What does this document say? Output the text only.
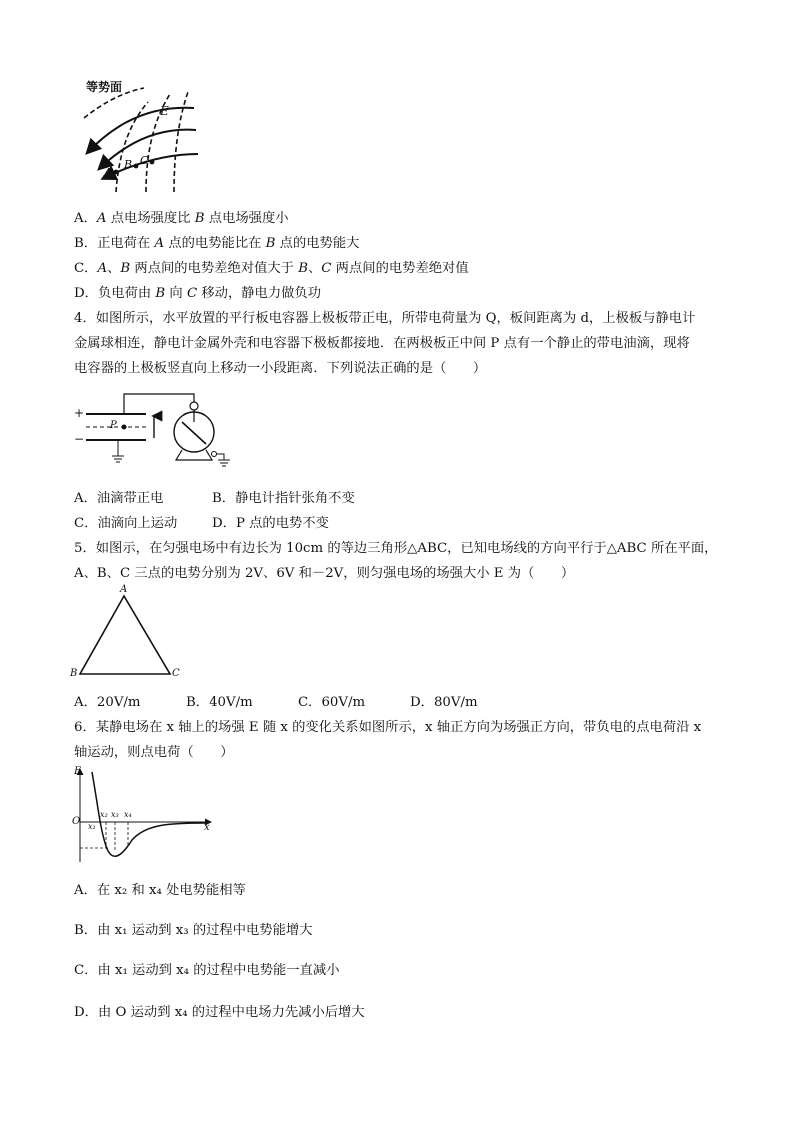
等势面
E
A
B C
A．A 点电场强度比 B 点电场强度小
B．正电荷在 A 点的电势能比在 B 点的电势能大
C．A、B 两点间的电势差绝对值大于 B、C 两点间的电势差绝对值
D．负电荷由 B 向 C 移动，静电力做负功
4．如图所示，水平放置的平行板电容器上极板带正电，所带电荷量为 Q，板间距离为 d，上极板与静电计
金属球相连，静电计金属外壳和电容器下极板都接地．在两极板正中间 P 点有一个静止的带电油滴，现将
电容器的上极板竖直向上移动一小段距离．下列说法正确的是（　　）
+
−
P
A．油滴带正电	B．静电计指针张角不变
C．油滴向上运动	D．P 点的电势不变
5．如图示，在匀强电场中有边长为 10cm 的等边三角形△ABC，已知电场线的方向平行于△ABC 所在平面，
A、B、C 三点的电势分别为 2V、6V 和－2V，则匀强电场的场强大小 E 为（　　）
A
B	C
A．20V/m	B．40V/m	C．60V/m	D．80V/m
6．某静电场在 x 轴上的场强 E 随 x 的变化关系如图所示，x 轴正方向为场强正方向，带负电的点电荷沿 x
轴运动，则点电荷（　　）
E
O
x
x₁
x₂ x₃ x₄
A．在 x₂ 和 x₄ 处电势能相等
B．由 x₁ 运动到 x₃ 的过程中电势能增大
C．由 x₁ 运动到 x₄ 的过程中电势能一直减小
D．由 O 运动到 x₄ 的过程中电场力先减小后增大
